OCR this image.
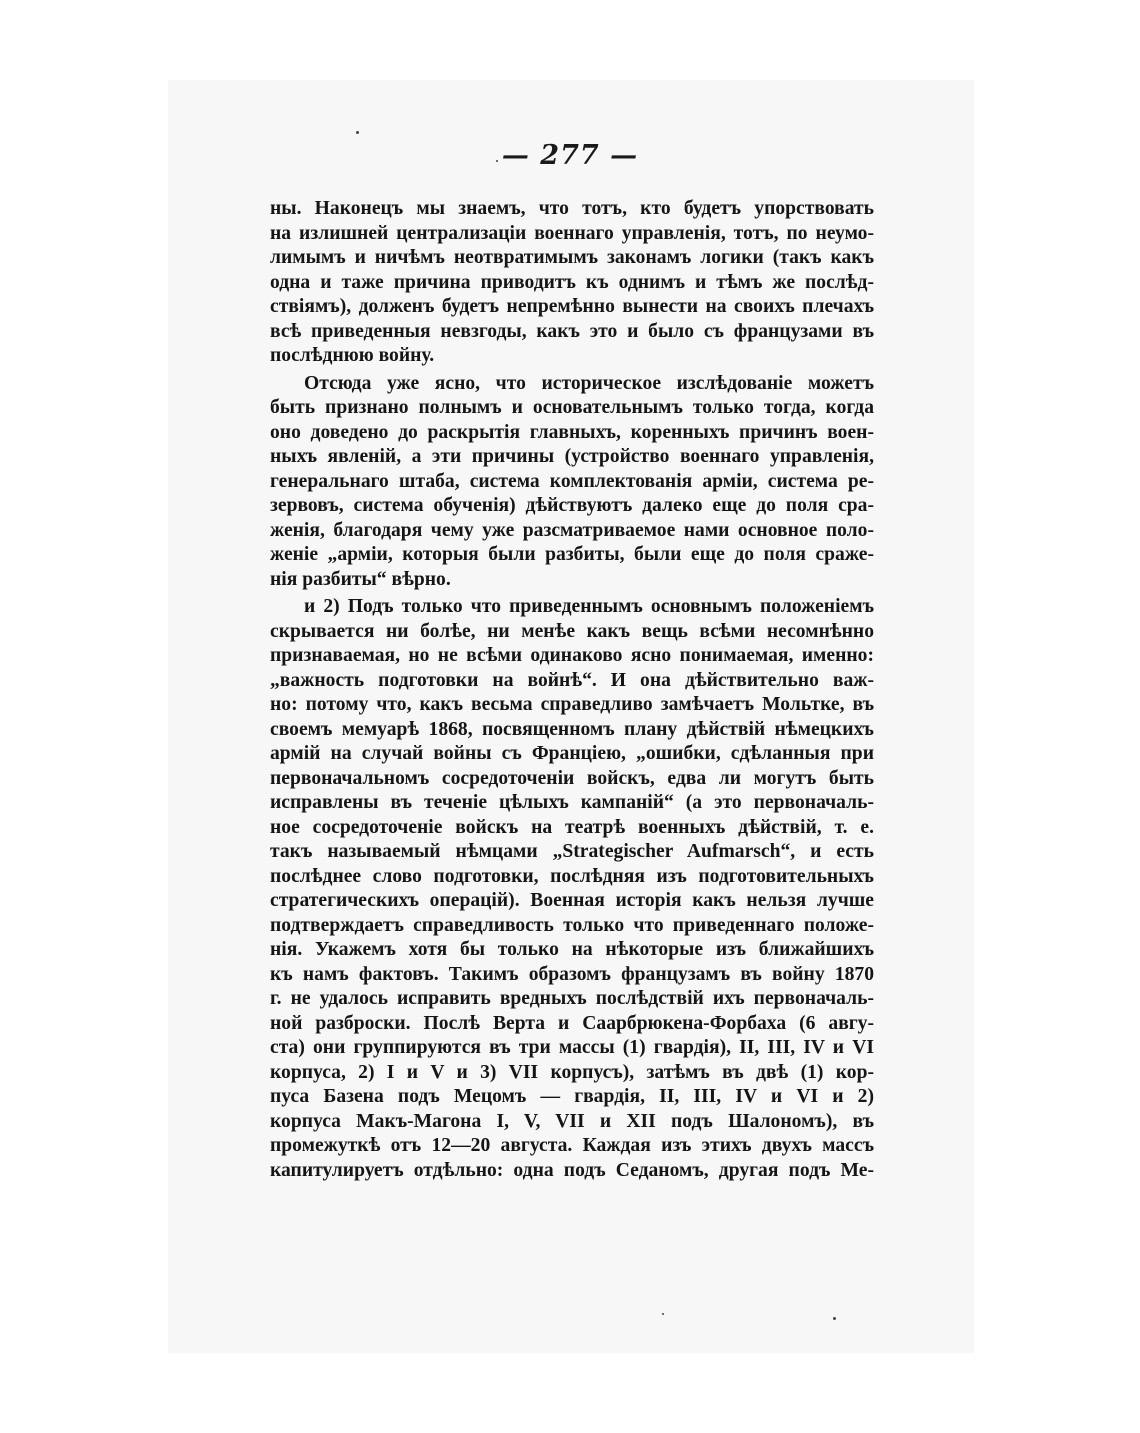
— 277 —
ны. Наконецъ мы знаемъ, что тотъ, кто будетъ упорствовать
на излишней централизаціи военнаго управленія, тотъ, по неумо-
лимымъ и ничѣмъ неотвратимымъ законамъ логики (такъ какъ
одна и таже причина приводитъ къ однимъ и тѣмъ же послѣд-
ствіямъ), долженъ будетъ непремѣнно вынести на своихъ плечахъ
всѣ приведенныя невзгоды, какъ это и было съ французами въ
послѣднюю войну.
Отсюда уже ясно, что историческое изслѣдованіе можетъ
быть признано полнымъ и основательнымъ только тогда, когда
оно доведено до раскрытія главныхъ, коренныхъ причинъ воен-
ныхъ явленій, а эти причины (устройство военнаго управленія,
генеральнаго штаба, система комплектованія арміи, система ре-
зервовъ, система обученія) дѣйствуютъ далеко еще до поля сра-
женія, благодаря чему уже разсматриваемое нами основное поло-
женіе „арміи, которыя были разбиты, были еще до поля сраже-
нія разбиты“ вѣрно.
и 2) Подъ только что приведеннымъ основнымъ положеніемъ
скрывается ни болѣе, ни менѣе какъ вещь всѣми несомнѣнно
признаваемая, но не всѣми одинаково ясно понимаемая, именно:
„важность подготовки на войнѣ“. И она дѣйствительно важ-
но: потому что, какъ весьма справедливо замѣчаетъ Мольтке, въ
своемъ мемуарѣ 1868, посвященномъ плану дѣйствій нѣмецкихъ
армій на случай войны съ Франціею, „ошибки, сдѣланныя при
первоначальномъ сосредоточеніи войскъ, едва ли могутъ быть
исправлены въ теченіе цѣлыхъ кампаній“ (а это первоначаль-
ное сосредоточеніе войскъ на театрѣ военныхъ дѣйствій, т. е.
такъ называемый нѣмцами „Strategischer Aufmarsch“, и есть
послѣднее слово подготовки, послѣдняя изъ подготовительныхъ
стратегическихъ операцій). Военная исторія какъ нельзя лучше
подтверждаетъ справедливость только что приведеннаго положе-
нія. Укажемъ хотя бы только на нѣкоторые изъ ближайшихъ
къ намъ фактовъ. Такимъ образомъ французамъ въ войну 1870
г. не удалось исправить вредныхъ послѣдствій ихъ первоначаль-
ной разброски. Послѣ Верта и Саарбрюкена-Форбаха (6 авгу-
ста) они группируются въ три массы (1) гвардія), II, III, IV и VI
корпуса, 2) I и V и 3) VII корпусъ), затѣмъ въ двѣ (1) кор-
пуса Базена подъ Мецомъ — гвардія, II, III, IV и VI и 2)
корпуса Макъ-Магона I, V, VII и XII подъ Шалономъ), въ
промежуткѣ отъ 12—20 августа. Каждая изъ этихъ двухъ массъ
капитулируетъ отдѣльно: одна подъ Седаномъ, другая подъ Ме-
